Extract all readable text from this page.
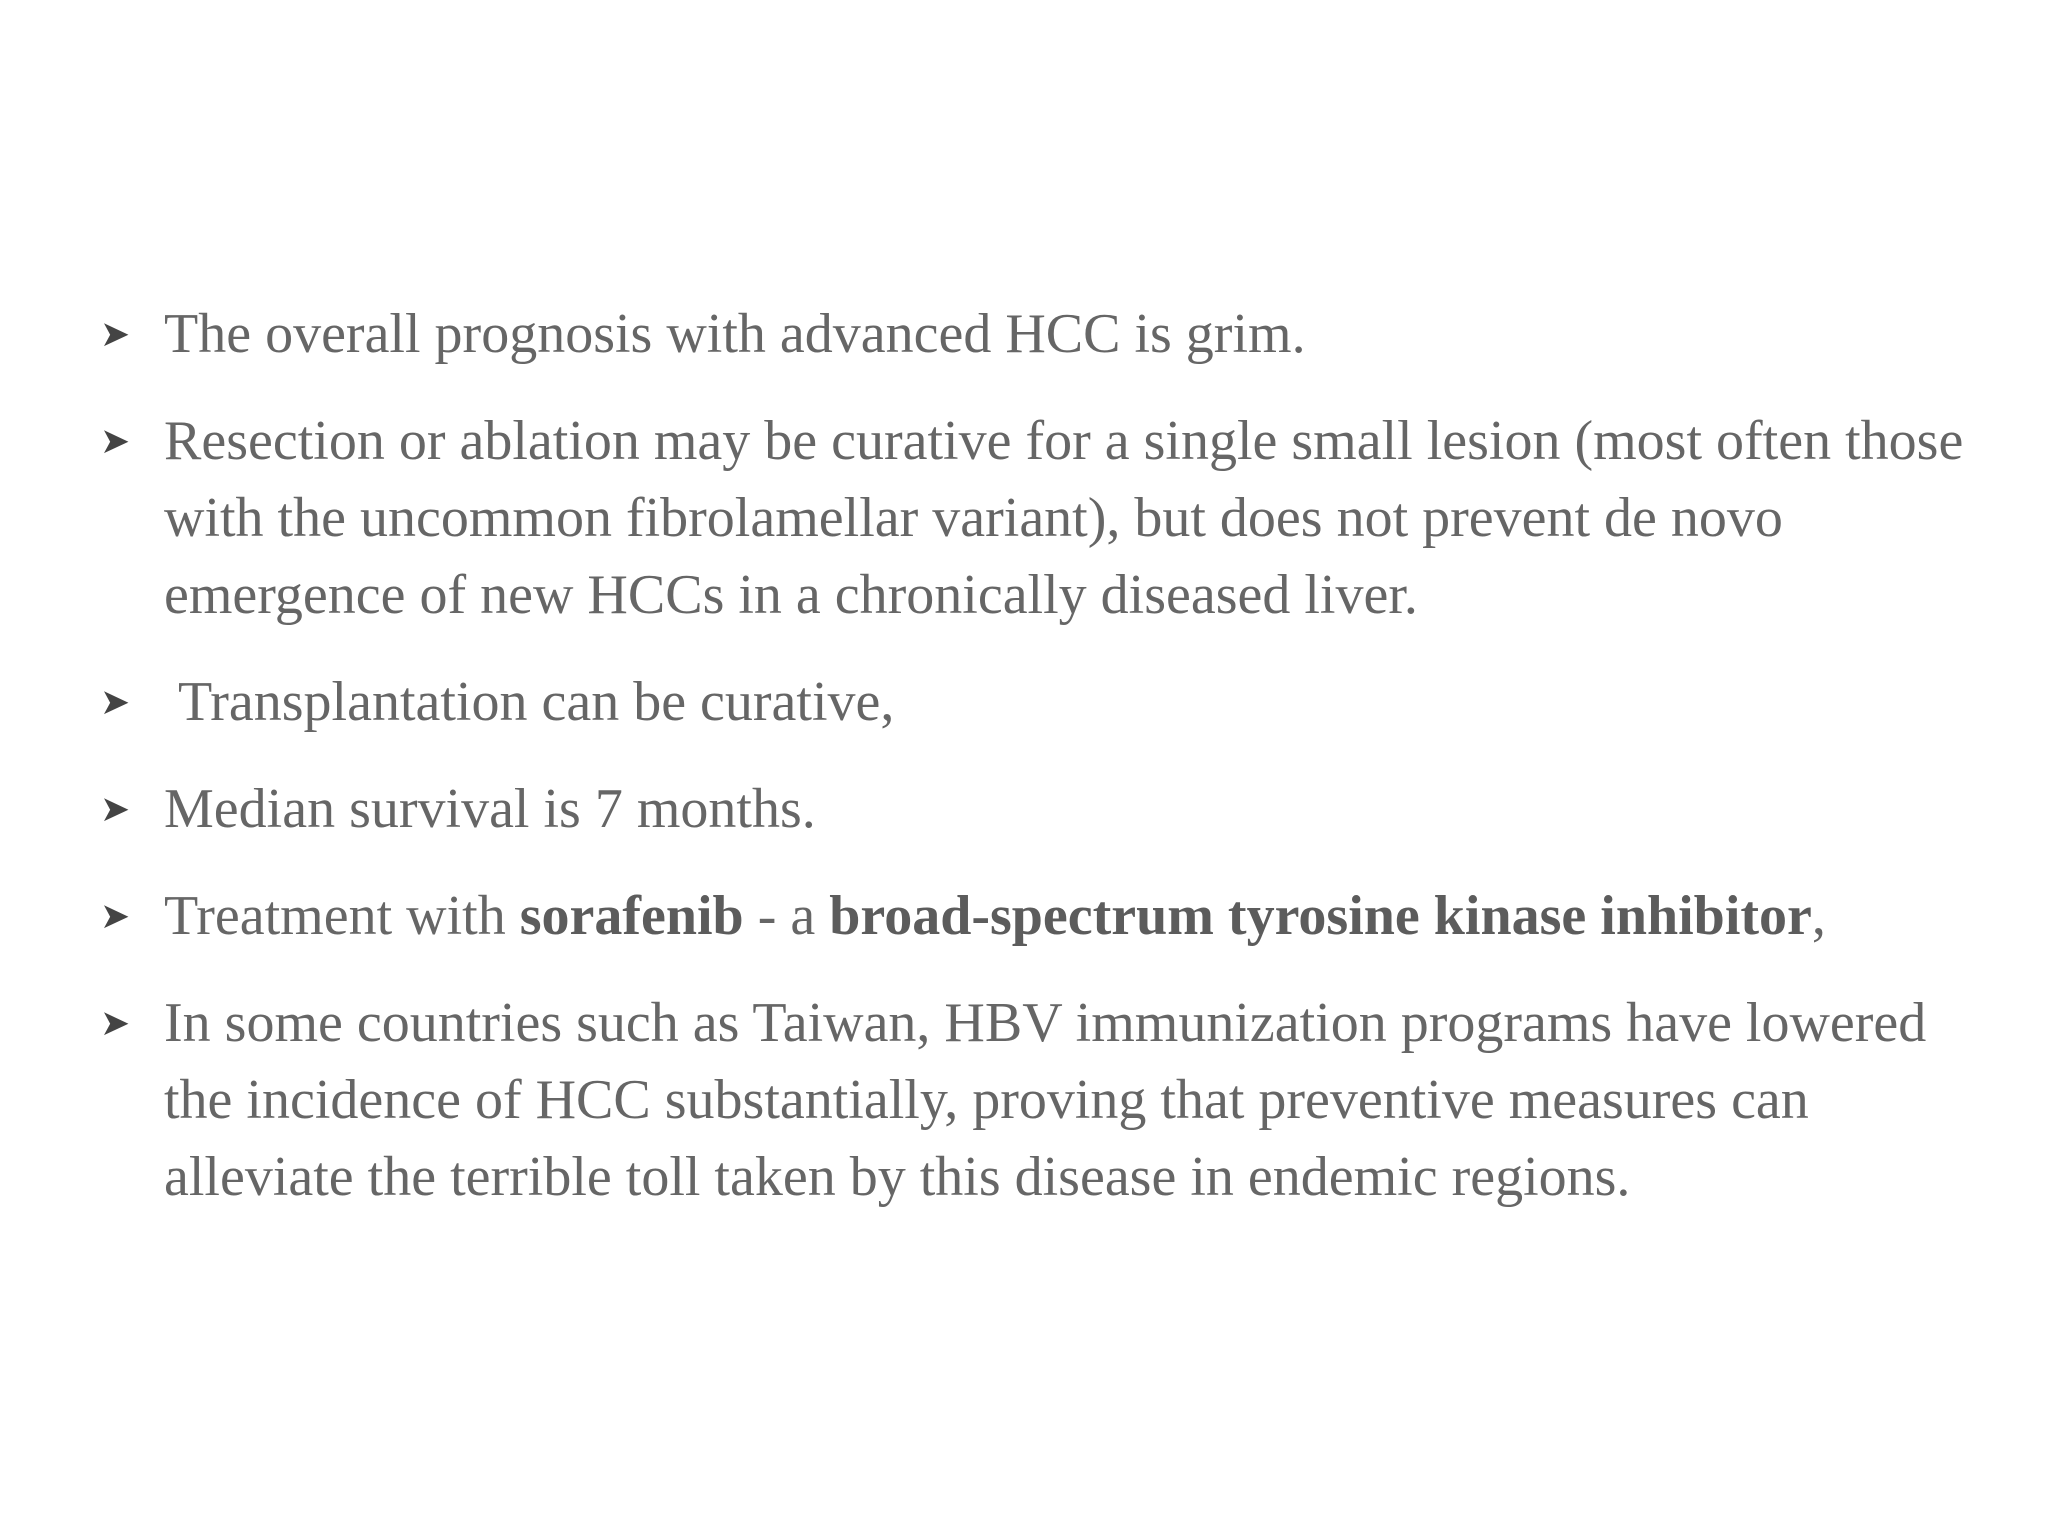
➤ The overall prognosis with advanced HCC is grim.
➤ Resection or ablation may be curative for a single small lesion (most often those with the uncommon fibrolamellar variant), but does not prevent de novo emergence of new HCCs in a chronically diseased liver.
➤ Transplantation can be curative,
➤ Median survival is 7 months.
➤ Treatment with sorafenib - a broad-spectrum tyrosine kinase inhibitor,
➤ In some countries such as Taiwan, HBV immunization programs have lowered the incidence of HCC substantially, proving that preventive measures can alleviate the terrible toll taken by this disease in endemic regions.
